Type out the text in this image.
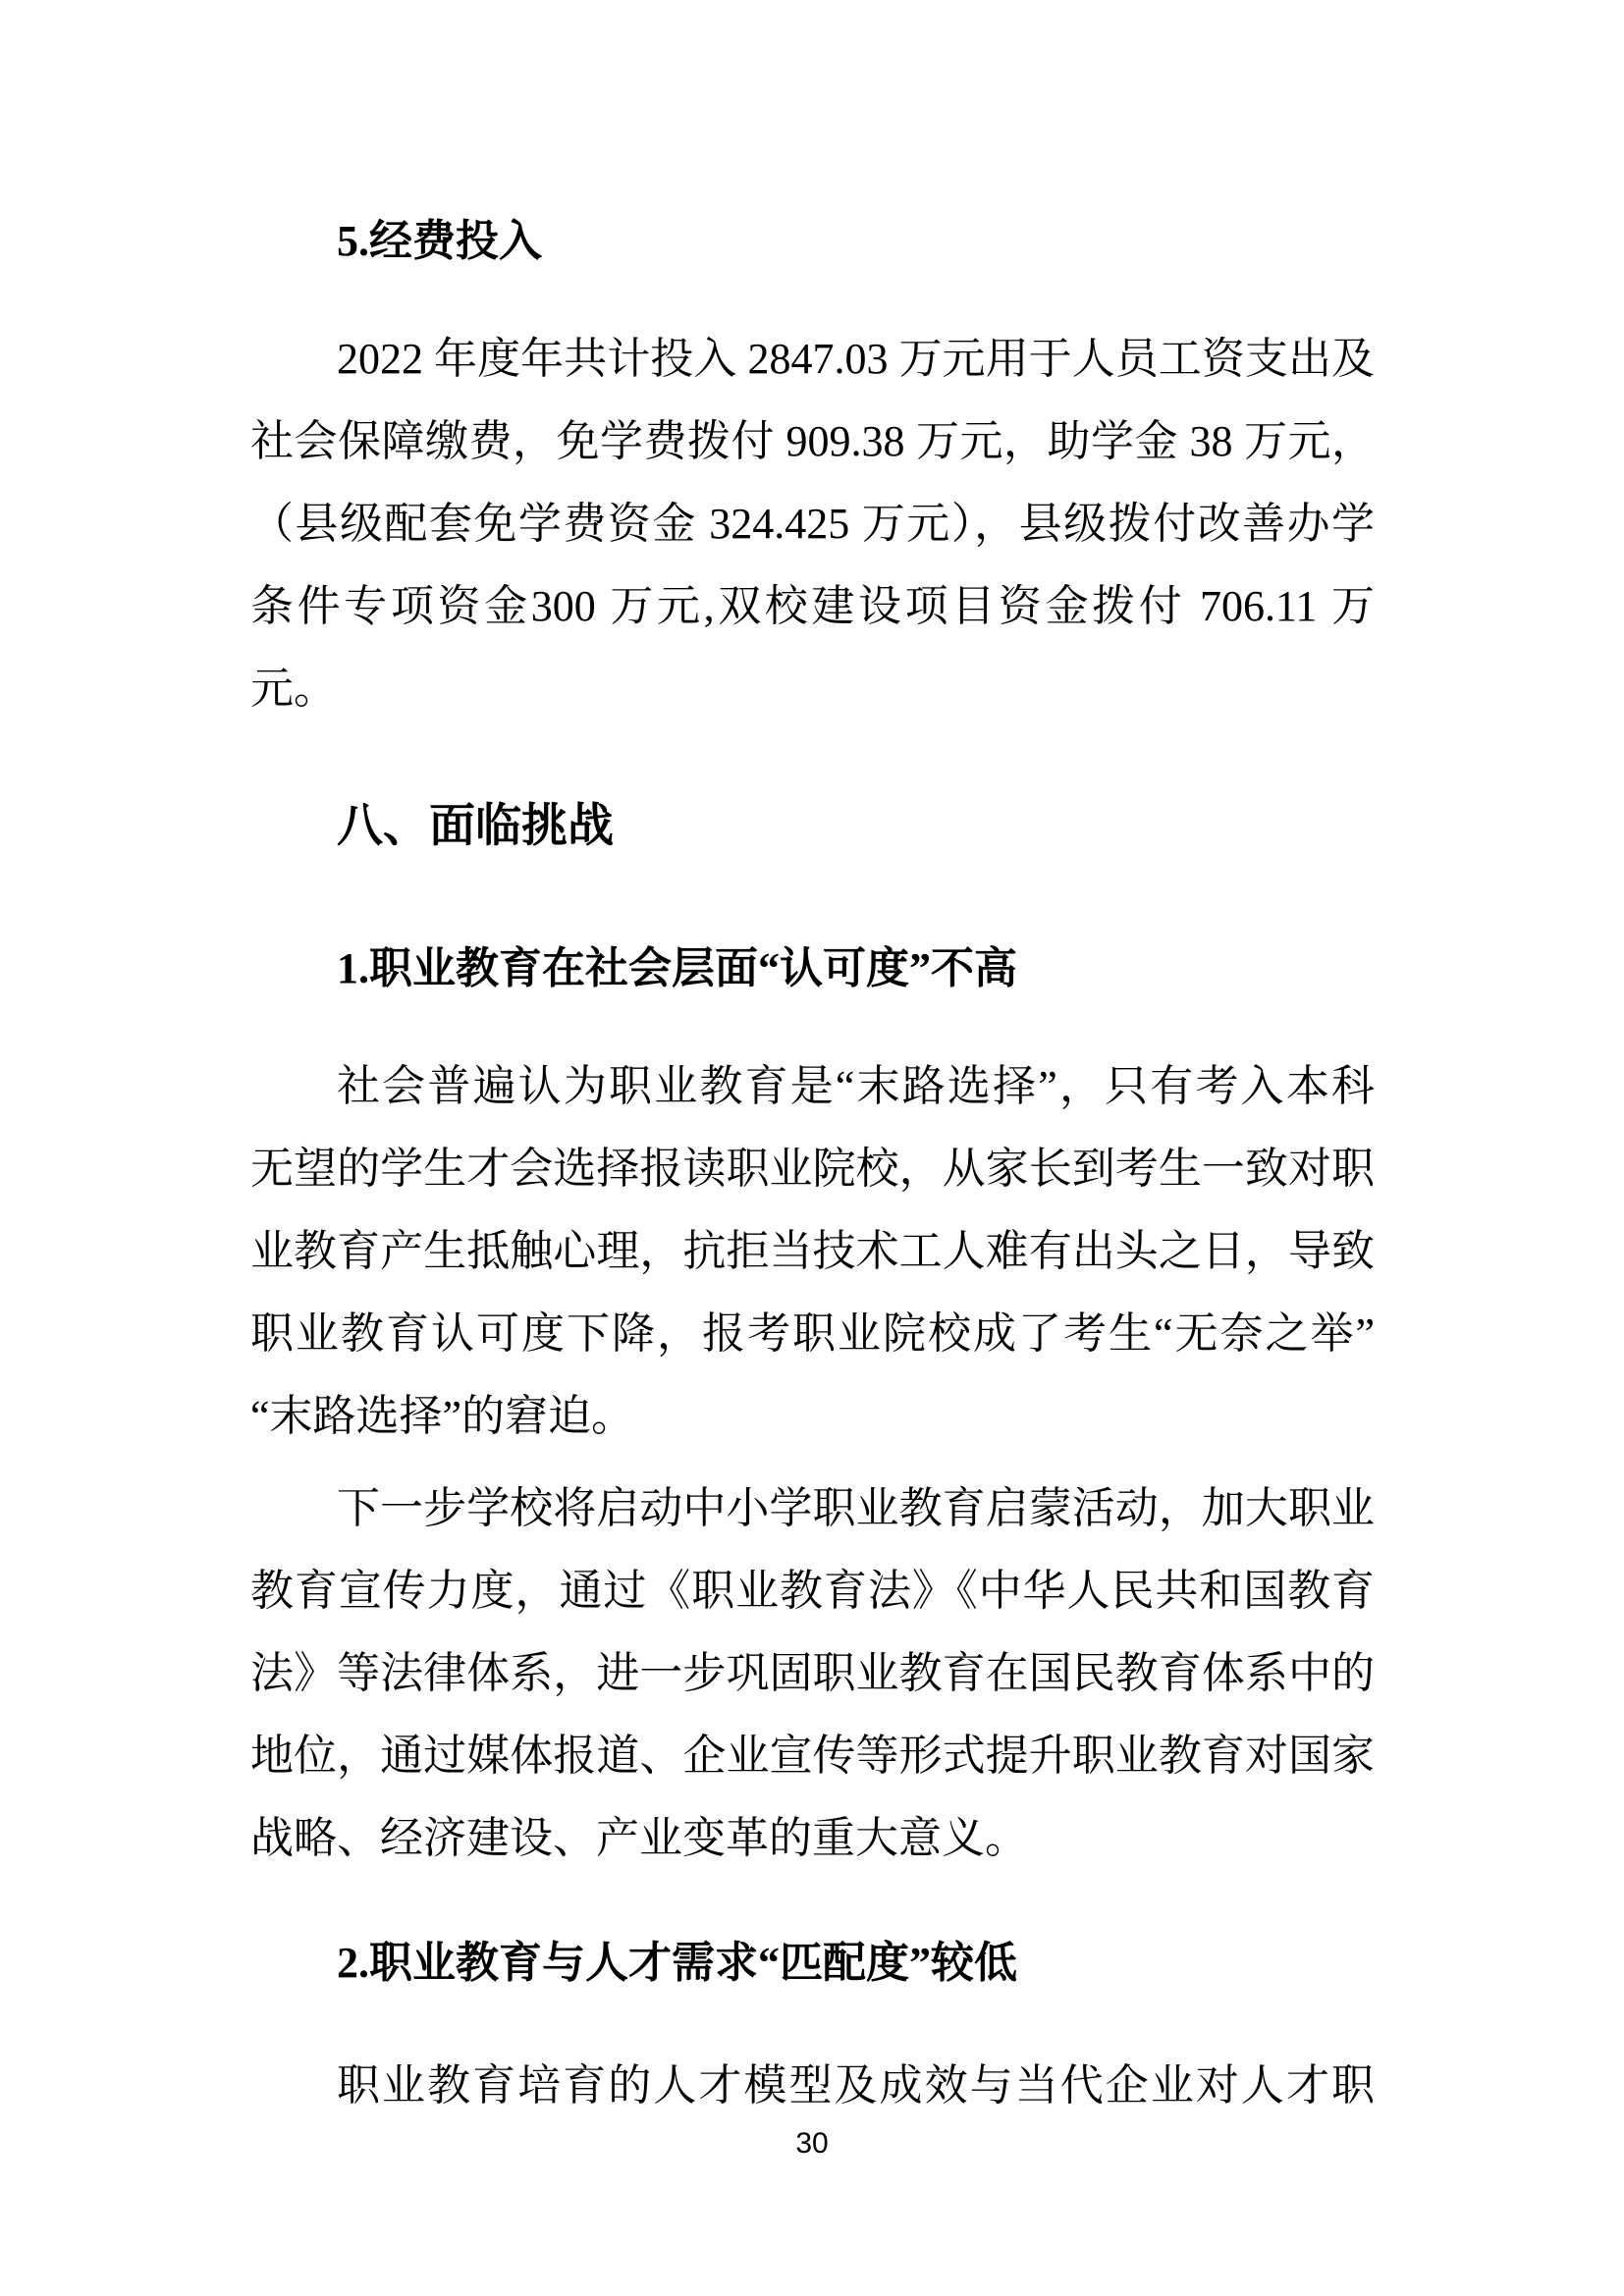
5.经费投入
2022 年度年共计投入 2847.03 万元用于人员工资支出及
社会保障缴费，免学费拨付 909.38 万元，助学金 38 万元，
（县级配套免学费资金 324.425 万元），县级拨付改善办学
条件专项资金300 万元,双校建设项目资金拨付 706.11 万元。
八、面临挑战
1.职业教育在社会层面“认可度”不高
社会普遍认为职业教育是“末路选择”，只有考入本科
无望的学生才会选择报读职业院校，从家长到考生一致对职
业教育产生抵触心理，抗拒当技术工人难有出头之日，导致
职业教育认可度下降，报考职业院校成了考生“无奈之举”
“末路选择”的窘迫。
下一步学校将启动中小学职业教育启蒙活动，加大职业
教育宣传力度，通过《职业教育法》《中华人民共和国教育
法》等法律体系，进一步巩固职业教育在国民教育体系中的
地位，通过媒体报道、企业宣传等形式提升职业教育对国家
战略、经济建设、产业变革的重大意义。
2.职业教育与人才需求“匹配度”较低
职业教育培育的人才模型及成效与当代企业对人才职
30
